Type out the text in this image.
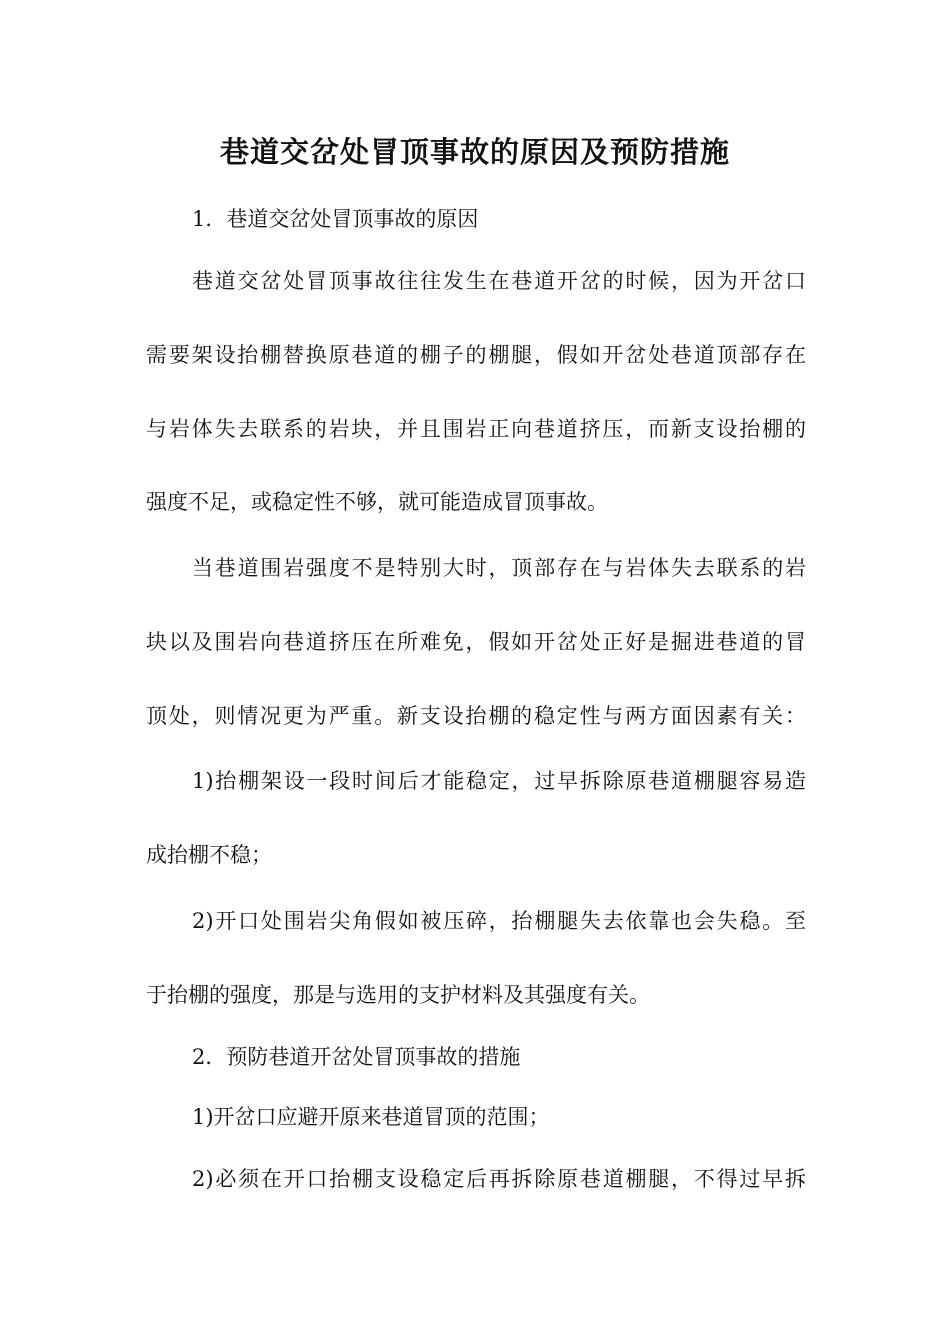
巷道交岔处冒顶事故的原因及预防措施
1．巷道交岔处冒顶事故的原因
巷道交岔处冒顶事故往往发生在巷道开岔的时候，因为开岔口
需要架设抬棚替换原巷道的棚子的棚腿，假如开岔处巷道顶部存在
与岩体失去联系的岩块，并且围岩正向巷道挤压，而新支设抬棚的
强度不足，或稳定性不够，就可能造成冒顶事故。
当巷道围岩强度不是特别大时，顶部存在与岩体失去联系的岩
块以及围岩向巷道挤压在所难免，假如开岔处正好是掘进巷道的冒
顶处，则情况更为严重。新支设抬棚的稳定性与两方面因素有关：
1)抬棚架设一段时间后才能稳定，过早拆除原巷道棚腿容易造
成抬棚不稳；
2)开口处围岩尖角假如被压碎，抬棚腿失去依靠也会失稳。至
于抬棚的强度，那是与选用的支护材料及其强度有关。
2．预防巷道开岔处冒顶事故的措施
1)开岔口应避开原来巷道冒顶的范围；
2)必须在开口抬棚支设稳定后再拆除原巷道棚腿，不得过早拆
